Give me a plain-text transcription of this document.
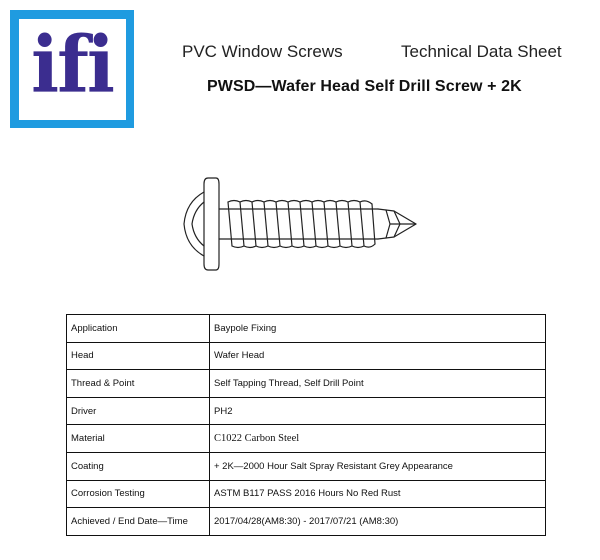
ifi	PVC Window Screws	Technical Data Sheet
PWSD—Wafer Head Self Drill Screw + 2K
Application	Baypole Fixing
Head	Wafer Head
Thread & Point	Self Tapping Thread, Self Drill Point
Driver	PH2
Material	C1022 Carbon Steel
Coating	+ 2K—2000 Hour Salt Spray Resistant Grey Appearance
Corrosion Testing	ASTM B117 PASS 2016 Hours No Red Rust
Achieved / End Date—Time	2017/04/28(AM8:30) - 2017/07/21 (AM8:30)
